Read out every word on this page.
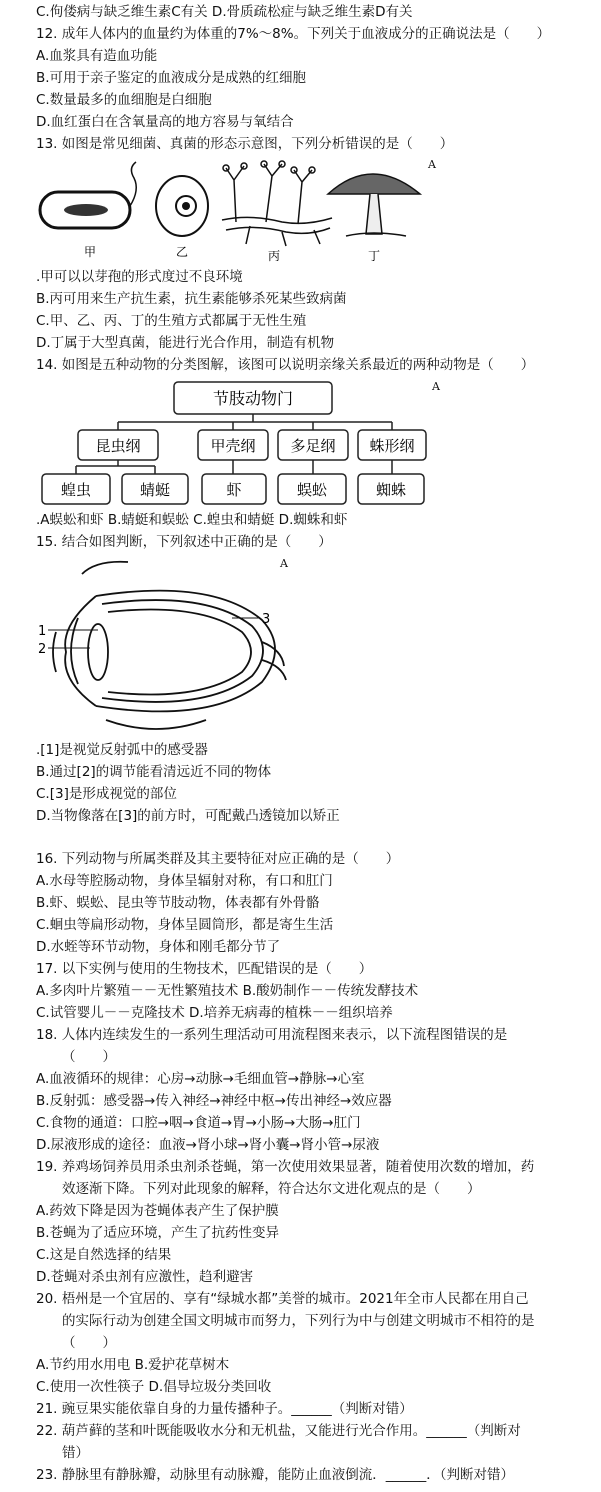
C.佝偻病与缺乏维生素C有关 D.骨质疏松症与缺乏维生素D有关
12. 成年人体内的血量约为体重的7%～8%。下列关于血液成分的正确说法是（　　）
A.血浆具有造血功能
B.可用于亲子鉴定的血液成分是成熟的红细胞
C.数量最多的血细胞是白细胞
D.血红蛋白在含氧量高的地方容易与氧结合
13. 如图是常见细菌、真菌的形态示意图，下列分析错误的是（　　）
A
甲	乙	丙	丁
.甲可以以芽孢的形式度过不良环境
B.丙可用来生产抗生素，抗生素能够杀死某些致病菌
C.甲、乙、丙、丁的生殖方式都属于无性生殖
D.丁属于大型真菌，能进行光合作用，制造有机物
14. 如图是五种动物的分类图解，该图可以说明亲缘关系最近的两种动物是（　　）
A
节肢动物门
昆虫纲	甲壳纲 多足纲 蛛形纲
蝗虫	蜻蜓	虾	蜈蚣	蜘蛛
.A蜈蚣和虾 B.蜻蜓和蜈蚣 C.蝗虫和蜻蜓 D.蜘蛛和虾
15. 结合如图判断，下列叙述中正确的是（　　）
A
1
2
3
.[1]是视觉反射弧中的感受器
B.通过[2]的调节能看清远近不同的物体
C.[3]是形成视觉的部位
D.当物像落在[3]的前方时，可配戴凸透镜加以矫正
16. 下列动物与所属类群及其主要特征对应正确的是（　　）
A.水母等腔肠动物，身体呈辐射对称，有口和肛门
B.虾、蜈蚣、昆虫等节肢动物，体表都有外骨骼
C.蛔虫等扁形动物，身体呈圆筒形，都是寄生生活
D.水蛭等环节动物，身体和刚毛都分节了
17. 以下实例与使用的生物技术，匹配错误的是（　　）
A.多肉叶片繁殖－－无性繁殖技术 B.酸奶制作－－传统发酵技术
C.试管婴儿－－克隆技术 D.培养无病毒的植株－－组织培养
18. 人体内连续发生的一系列生理活动可用流程图来表示，以下流程图错误的是
（　　）
A.血液循环的规律：心房→动脉→毛细血管→静脉→心室
B.反射弧：感受器→传入神经→神经中枢→传出神经→效应器
C.食物的通道：口腔→咽→食道→胃→小肠→大肠→肛门
D.尿液形成的途径：血液→肾小球→肾小囊→肾小管→尿液
19. 养鸡场饲养员用杀虫剂杀苍蝇，第一次使用效果显著，随着使用次数的增加，药
效逐渐下降。下列对此现象的解释，符合达尔文进化观点的是（　　）
A.药效下降是因为苍蝇体表产生了保护膜
B.苍蝇为了适应环境，产生了抗药性变异
C.这是自然选择的结果
D.苍蝇对杀虫剂有应激性，趋利避害
20. 梧州是一个宜居的、享有“绿城水都”美誉的城市。2021年全市人民都在用自己
的实际行动为创建全国文明城市而努力，下列行为中与创建文明城市不相符的是
（　　）
A.节约用水用电 B.爱护花草树木
C.使用一次性筷子 D.倡导垃圾分类回收
21. 豌豆果实能依靠自身的力量传播种子。______（判断对错）
22. 葫芦藓的茎和叶既能吸收水分和无机盐，又能进行光合作用。______（判断对
错）
23. 静脉里有静脉瓣，动脉里有动脉瓣，能防止血液倒流．______．（判断对错）
